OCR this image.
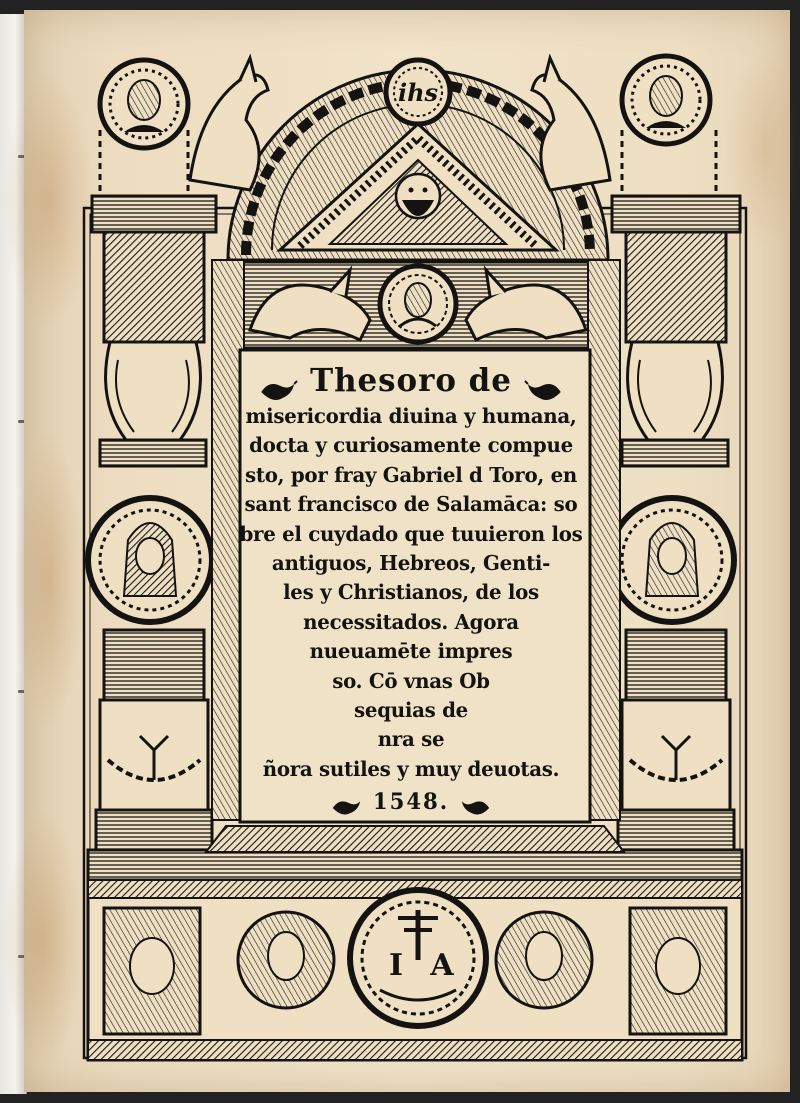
ihs
I A
Thesoro de
misericordia diuina y humana,
docta y curiosamente compue
sto, por fray Gabriel d Toro, en
sant francisco de Salamāca: so
bre el cuydado que tuuieron los
antiguos, Hebreos, Genti-
les y Christianos, de los
necessitados. Agora
nueuamēte impres
so. Cō vnas Ob
sequias de
nra se
ñora sutiles y muy deuotas.
1548.
